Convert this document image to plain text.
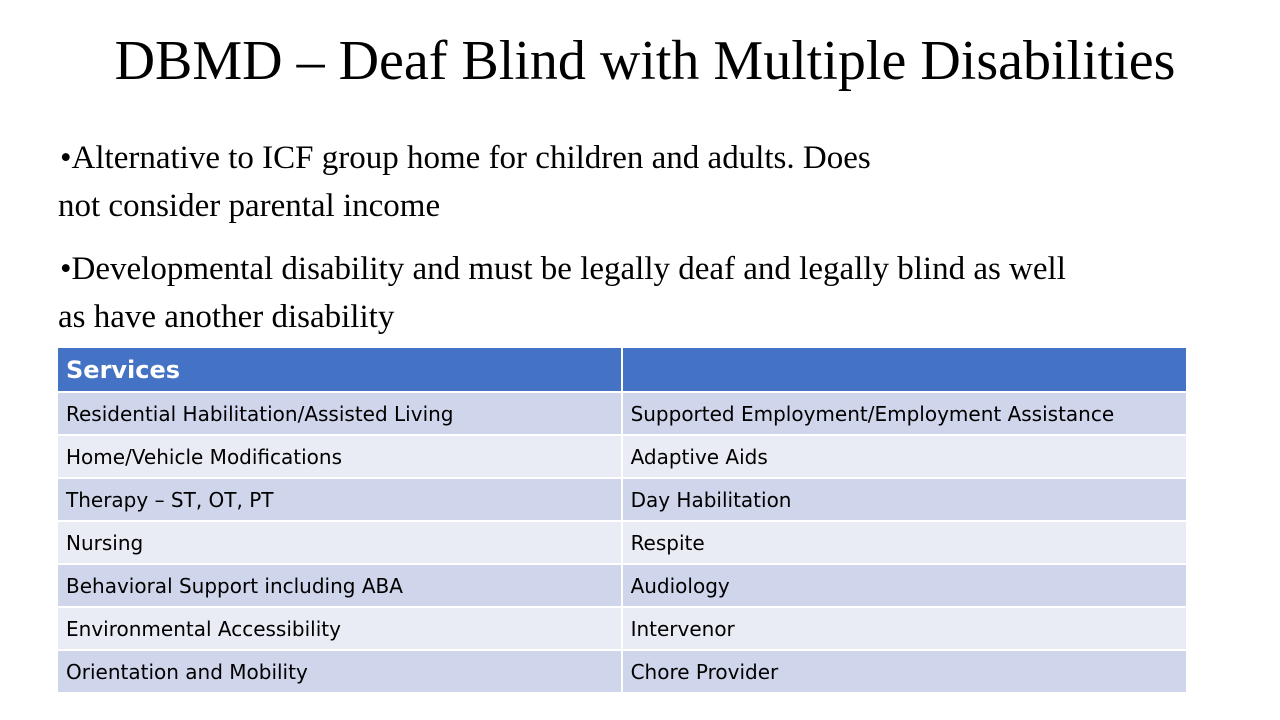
DBMD – Deaf Blind with Multiple Disabilities
•Alternative to ICF group home for children and adults. Does
not consider parental income
•Developmental disability and must be legally deaf and legally blind as well
as have another disability
Services	
Residential Habilitation/Assisted Living	Supported Employment/Employment Assistance
Home/Vehicle Modifications	Adaptive Aids
Therapy – ST, OT, PT	Day Habilitation
Nursing	Respite
Behavioral Support including ABA	Audiology
Environmental Accessibility	Intervenor
Orientation and Mobility	Chore Provider
